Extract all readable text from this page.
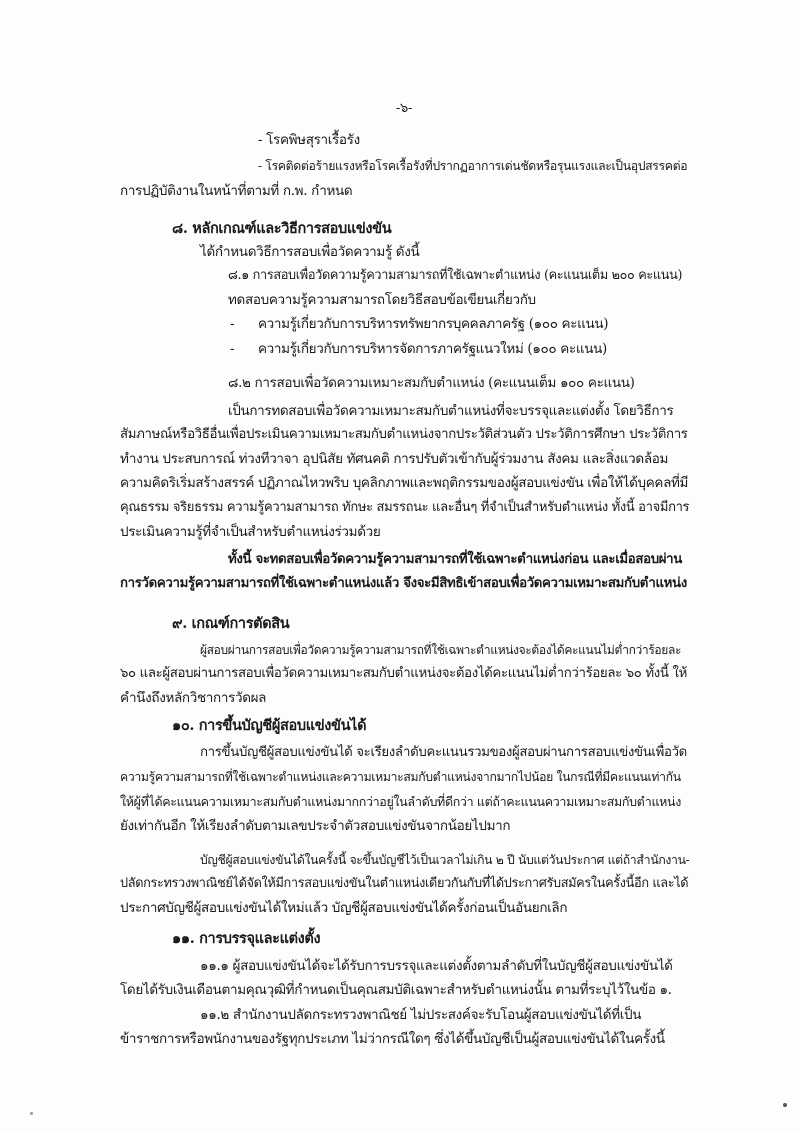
-๖-
- โรคพิษสุราเรื้อรัง
- โรคติดต่อร้ายแรงหรือโรคเรื้อรังที่ปรากฏอาการเด่นชัดหรือรุนแรงและเป็นอุปสรรคต่อ
การปฏิบัติงานในหน้าที่ตามที่ ก.พ. กำหนด
๘. หลักเกณฑ์และวิธีการสอบแข่งขัน
ได้กำหนดวิธีการสอบเพื่อวัดความรู้ ดังนี้
๘.๑ การสอบเพื่อวัดความรู้ความสามารถที่ใช้เฉพาะตำแหน่ง (คะแนนเต็ม ๒๐๐ คะแนน)
ทดสอบความรู้ความสามารถโดยวิธีสอบข้อเขียนเกี่ยวกับ
- ความรู้เกี่ยวกับการบริหารทรัพยากรบุคคลภาครัฐ (๑๐๐ คะแนน)
- ความรู้เกี่ยวกับการบริหารจัดการภาครัฐแนวใหม่ (๑๐๐ คะแนน)
๘.๒ การสอบเพื่อวัดความเหมาะสมกับตำแหน่ง (คะแนนเต็ม ๑๐๐ คะแนน)
เป็นการทดสอบเพื่อวัดความเหมาะสมกับตำแหน่งที่จะบรรจุและแต่งตั้ง โดยวิธีการ
สัมภาษณ์หรือวิธีอื่นเพื่อประเมินความเหมาะสมกับตำแหน่งจากประวัติส่วนตัว ประวัติการศึกษา ประวัติการ
ทำงาน ประสบการณ์ ท่วงทีวาจา อุปนิสัย ทัศนคติ การปรับตัวเข้ากับผู้ร่วมงาน สังคม และสิ่งแวดล้อม
ความคิดริเริ่มสร้างสรรค์ ปฏิภาณไหวพริบ บุคลิกภาพและพฤติกรรมของผู้สอบแข่งขัน เพื่อให้ได้บุคคลที่มี
คุณธรรม จริยธรรม ความรู้ความสามารถ ทักษะ สมรรถนะ และอื่นๆ ที่จำเป็นสำหรับตำแหน่ง ทั้งนี้ อาจมีการ
ประเมินความรู้ที่จำเป็นสำหรับตำแหน่งร่วมด้วย
ทั้งนี้ จะทดสอบเพื่อวัดความรู้ความสามารถที่ใช้เฉพาะตำแหน่งก่อน และเมื่อสอบผ่าน
การวัดความรู้ความสามารถที่ใช้เฉพาะตำแหน่งแล้ว จึงจะมีสิทธิเข้าสอบเพื่อวัดความเหมาะสมกับตำแหน่ง
๙. เกณฑ์การตัดสิน
ผู้สอบผ่านการสอบเพื่อวัดความรู้ความสามารถที่ใช้เฉพาะตำแหน่งจะต้องได้คะแนนไม่ต่ำกว่าร้อยละ
๖๐ และผู้สอบผ่านการสอบเพื่อวัดความเหมาะสมกับตำแหน่งจะต้องได้คะแนนไม่ต่ำกว่าร้อยละ ๖๐ ทั้งนี้ ให้
คำนึงถึงหลักวิชาการวัดผล
๑๐. การขึ้นบัญชีผู้สอบแข่งขันได้
การขึ้นบัญชีผู้สอบแข่งขันได้ จะเรียงลำดับคะแนนรวมของผู้สอบผ่านการสอบแข่งขันเพื่อวัด
ความรู้ความสามารถที่ใช้เฉพาะตำแหน่งและความเหมาะสมกับตำแหน่งจากมากไปน้อย ในกรณีที่มีคะแนนเท่ากัน
ให้ผู้ที่ได้คะแนนความเหมาะสมกับตำแหน่งมากกว่าอยู่ในลำดับที่ดีกว่า แต่ถ้าคะแนนความเหมาะสมกับตำแหน่ง
ยังเท่ากันอีก ให้เรียงลำดับตามเลขประจำตัวสอบแข่งขันจากน้อยไปมาก
บัญชีผู้สอบแข่งขันได้ในครั้งนี้ จะขึ้นบัญชีไว้เป็นเวลาไม่เกิน ๒ ปี นับแต่วันประกาศ แต่ถ้าสำนักงาน-
ปลัดกระทรวงพาณิชย์ได้จัดให้มีการสอบแข่งขันในตำแหน่งเดียวกันกับที่ได้ประกาศรับสมัครในครั้งนี้อีก และได้
ประกาศบัญชีผู้สอบแข่งขันได้ใหม่แล้ว บัญชีผู้สอบแข่งขันได้ครั้งก่อนเป็นอันยกเลิก
๑๑. การบรรจุและแต่งตั้ง
๑๑.๑ ผู้สอบแข่งขันได้จะได้รับการบรรจุและแต่งตั้งตามลำดับที่ในบัญชีผู้สอบแข่งขันได้
โดยได้รับเงินเดือนตามคุณวุฒิที่กำหนดเป็นคุณสมบัติเฉพาะสำหรับตำแหน่งนั้น ตามที่ระบุไว้ในข้อ ๑.
๑๑.๒ สำนักงานปลัดกระทรวงพาณิชย์ ไม่ประสงค์จะรับโอนผู้สอบแข่งขันได้ที่เป็น
ข้าราชการหรือพนักงานของรัฐทุกประเภท ไม่ว่ากรณีใดๆ ซึ่งได้ขึ้นบัญชีเป็นผู้สอบแข่งขันได้ในครั้งนี้
